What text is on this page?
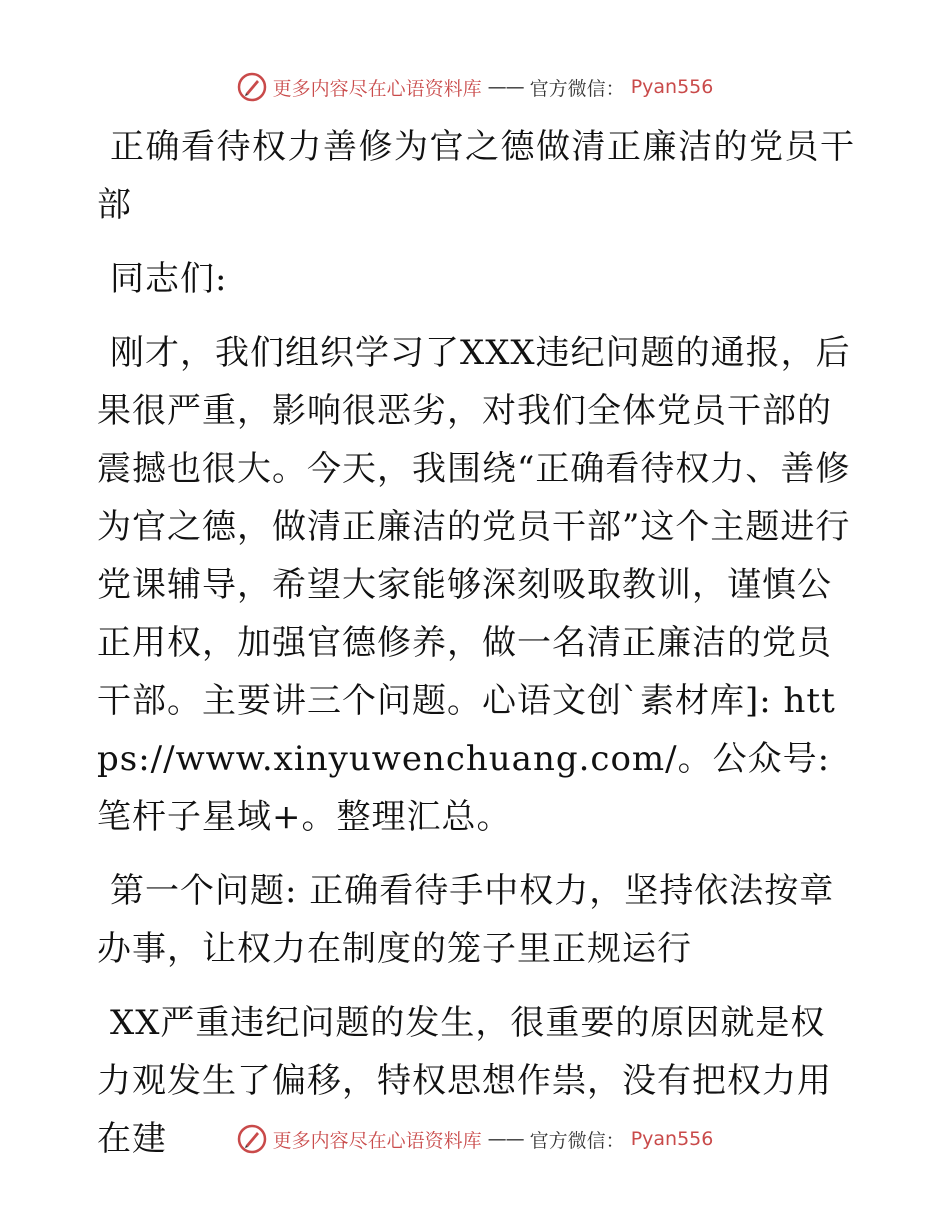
更多内容尽在心语资料库 —— 官方微信： Pyan556

正确看待权力善修为官之德做清正廉洁的党员干部

同志们:

刚才，我们组织学习了XXX违纪问题的通报，后果很严重，影响很恶劣，对我们全体党员干部的震撼也很大。今天，我围绕“正确看待权力、善修为官之德，做清正廉洁的党员干部”这个主题进行党课辅导，希望大家能够深刻吸取教训，谨慎公正用权，加强官德修养，做一名清正廉洁的党员干部。主要讲三个问题。心语文创`素材库]: https://www.xinyuwenchuang.com/。公众号: 笔杆子星域+。整理汇总。

第一个问题: 正确看待手中权力，坚持依法按章办事，让权力在制度的笼子里正规运行

XX严重违纪问题的发生，很重要的原因就是权力观发生了偏移，特权思想作祟，没有把权力用在建	更多内容尽在心语资料库 —— 官方微信： Pyan556
